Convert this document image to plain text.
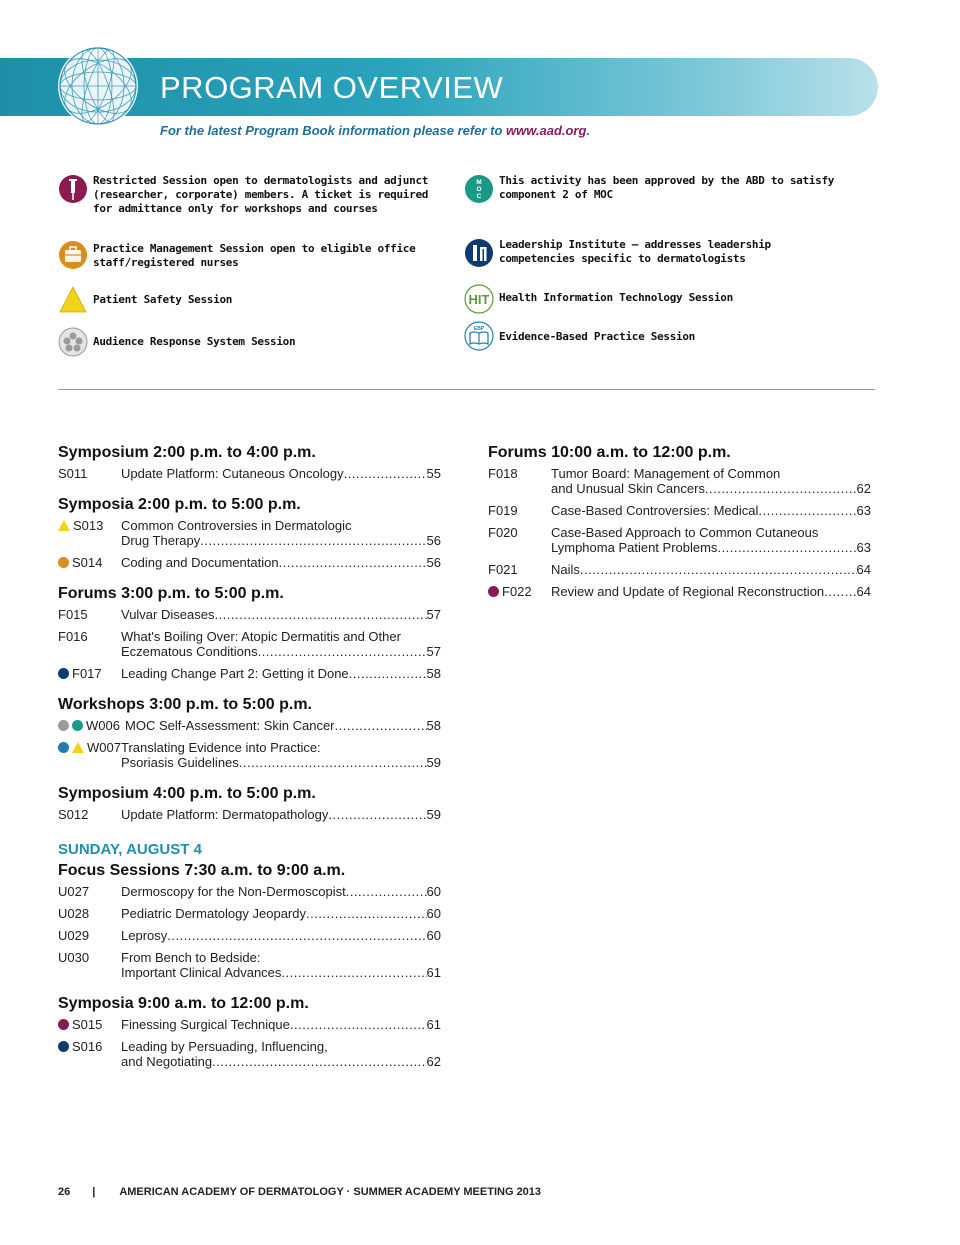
PROGRAM OVERVIEW
For the latest Program Book information please refer to www.aad.org.
Restricted Session open to dermatologists and adjunct (researcher, corporate) members. A ticket is required for admittance only for workshops and courses
M
O
C
This activity has been approved by the ABD to satisfy component 2 of MOC
Practice Management Session open to eligible office staff/registered nurses
Leadership Institute — addresses leadership competencies specific to dermatologists
Patient Safety Session	HIT Health Information Technology Session
Audience Response System Session
EBP
Evidence-Based Practice Session
Symposium 2:00 p.m. to 4:00 p.m.
S011	Update Platform: Cutaneous Oncology .....	55
Symposia 2:00 p.m. to 5:00 p.m.
S013 Common Controversies in Dermatologic
Drug Therapy .....	56
S014 Coding and Documentation .....	56
Forums 3:00 p.m. to 5:00 p.m.
F015	Vulvar Diseases .....	57
F016	What's Boiling Over: Atopic Dermatitis and Other
Eczematous Conditions .....	57
F017 Leading Change Part 2: Getting it Done .....	58
Workshops 3:00 p.m. to 5:00 p.m.
W006 MOC Self-Assessment: Skin Cancer .....	58
W007 Translating Evidence into Practice:
Psoriasis Guidelines .....	59
Symposium 4:00 p.m. to 5:00 p.m.
S012	Update Platform: Dermatopathology .....	59
SUNDAY, AUGUST 4
Focus Sessions 7:30 a.m. to 9:00 a.m.
U027 Dermoscopy for the Non-Dermoscopist .....	60
U028 Pediatric Dermatology Jeopardy .....	60
U029 Leprosy .....	60
U030 From Bench to Bedside:
Important Clinical Advances .....	61
Symposia 9:00 a.m. to 12:00 p.m.
S015 Finessing Surgical Technique .....	61
S016 Leading by Persuading, Influencing,
and Negotiating .....	62
Forums 10:00 a.m. to 12:00 p.m.
F018	Tumor Board: Management of Common
and Unusual Skin Cancers .....	62
F019	Case-Based Controversies: Medical .....	63
F020	Case-Based Approach to Common Cutaneous
Lymphoma Patient Problems .....	63
F021	Nails .....	64
F022 Review and Update of Regional Reconstruction ..... 64
26 | AMERICAN ACADEMY OF DERMATOLOGY · SUMMER ACADEMY MEETING 2013
